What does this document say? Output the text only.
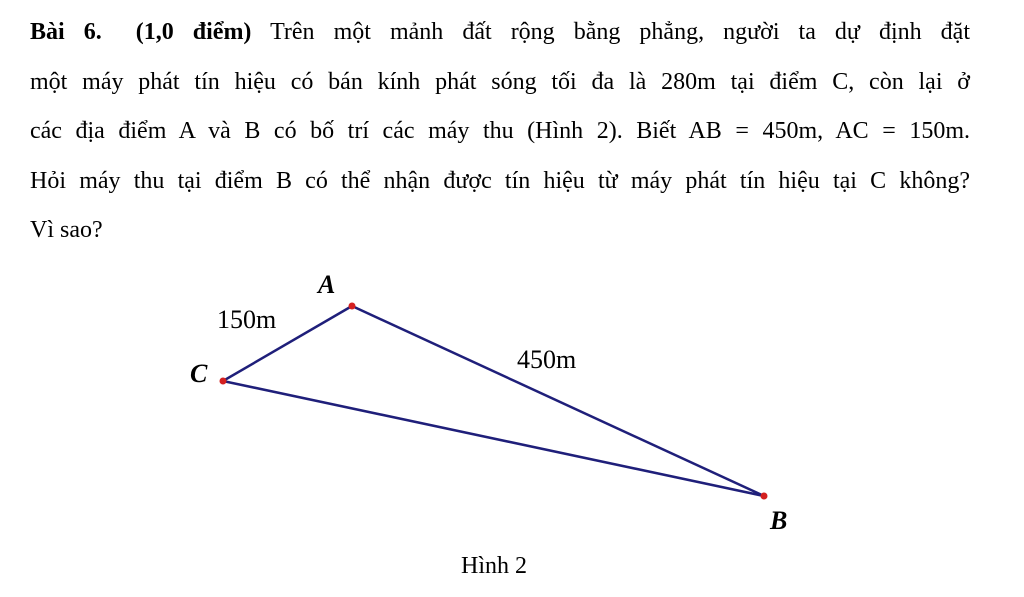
Bài 6. (1,0 điểm) Trên một mảnh đất rộng bằng phẳng, người ta dự định đặt
một máy phát tín hiệu có bán kính phát sóng tối đa là 280m tại điểm C, còn lại ở
các địa điểm A và B có bố trí các máy thu (Hình 2). Biết AB = 450m, AC = 150m.
Hỏi máy thu tại điểm B có thể nhận được tín hiệu từ máy phát tín hiệu tại C không?
Vì sao?
A
C
B
150m
450m
Hình 2
